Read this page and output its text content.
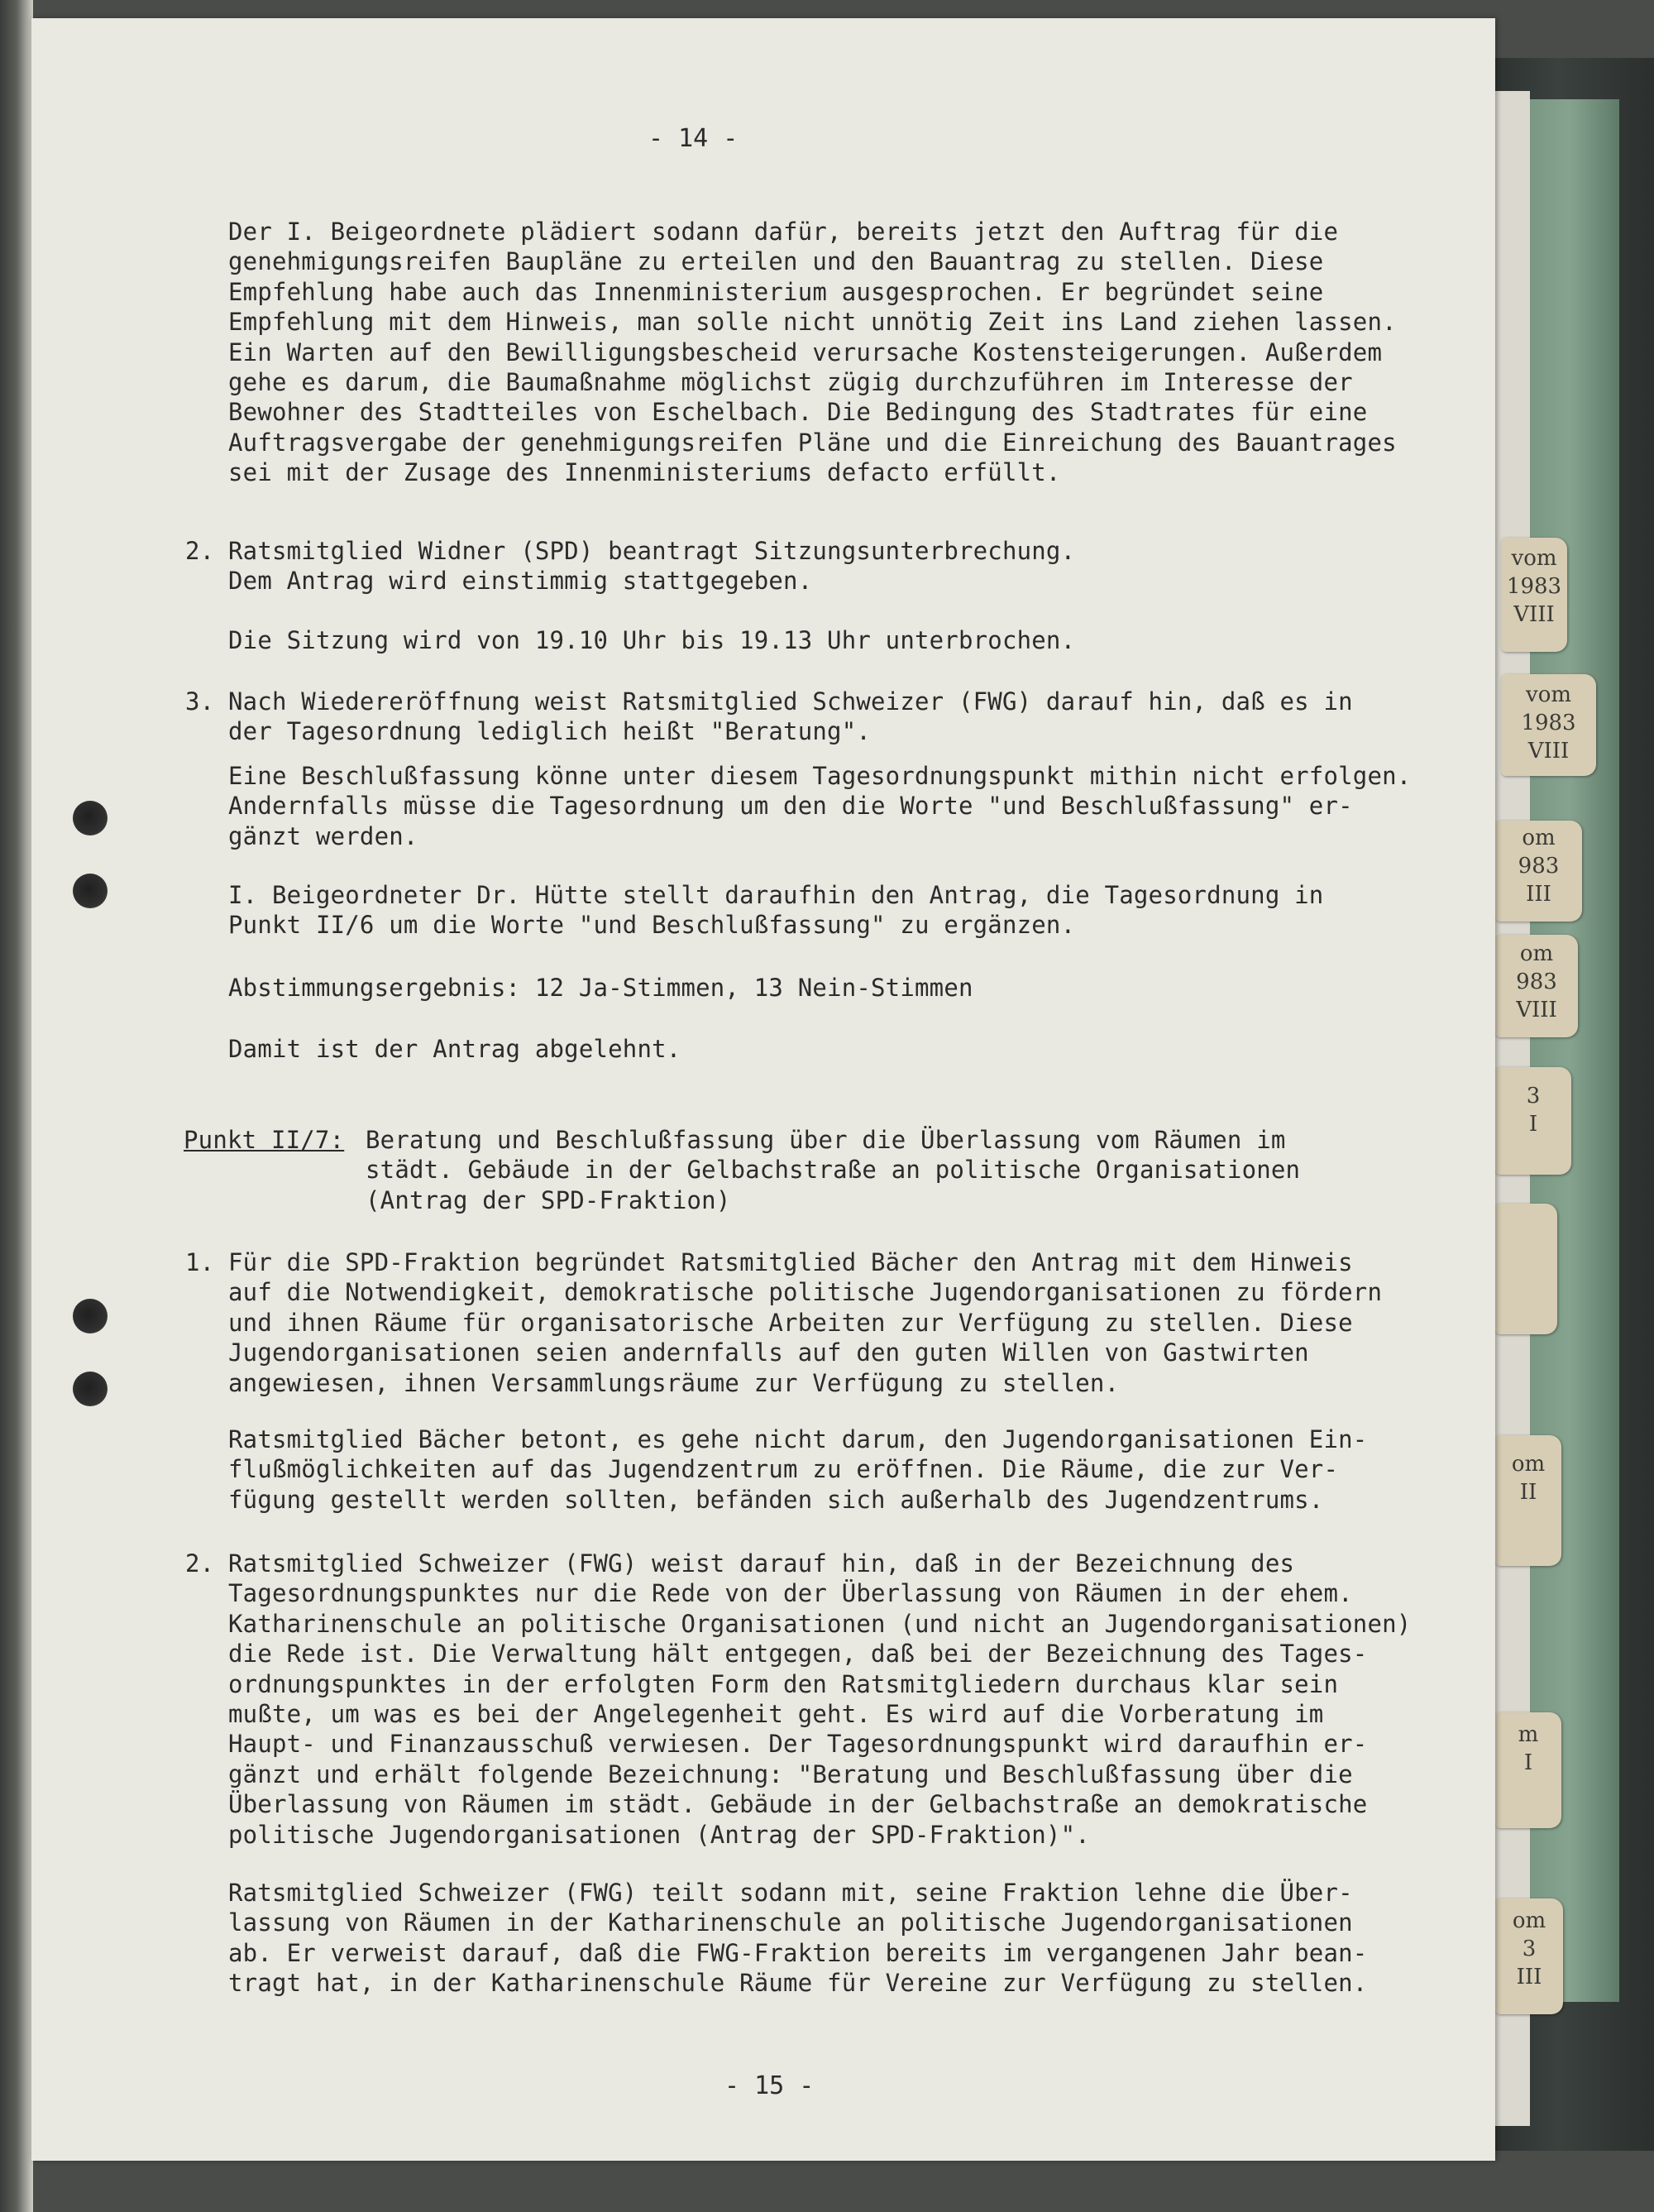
vom
1983
VIII
vom
1983
VIII
om
983
III
om
983
VIII
3
I
om
II
m
I
om
3
III
- 14 -
Der I. Beigeordnete plädiert sodann dafür, bereits jetzt den Auftrag für die
genehmigungsreifen Baupläne zu erteilen und den Bauantrag zu stellen. Diese
Empfehlung habe auch das Innenministerium ausgesprochen. Er begründet seine
Empfehlung mit dem Hinweis, man solle nicht unnötig Zeit ins Land ziehen lassen.
Ein Warten auf den Bewilligungsbescheid verursache Kostensteigerungen. Außerdem
gehe es darum, die Baumaßnahme möglichst zügig durchzuführen im Interesse der
Bewohner des Stadtteiles von Eschelbach. Die Bedingung des Stadtrates für eine
Auftragsvergabe der genehmigungsreifen Pläne und die Einreichung des Bauantrages
sei mit der Zusage des Innenministeriums defacto erfüllt.
2. Ratsmitglied Widner (SPD) beantragt Sitzungsunterbrechung.
Dem Antrag wird einstimmig stattgegeben.
Die Sitzung wird von 19.10 Uhr bis 19.13 Uhr unterbrochen.
3. Nach Wiedereröffnung weist Ratsmitglied Schweizer (FWG) darauf hin, daß es in
der Tagesordnung lediglich heißt "Beratung".
Eine Beschlußfassung könne unter diesem Tagesordnungspunkt mithin nicht erfolgen.
Andernfalls müsse die Tagesordnung um den die Worte "und Beschlußfassung" er-
gänzt werden.
I. Beigeordneter Dr. Hütte stellt daraufhin den Antrag, die Tagesordnung in
Punkt II/6 um die Worte "und Beschlußfassung" zu ergänzen.
Abstimmungsergebnis: 12 Ja-Stimmen, 13 Nein-Stimmen
Damit ist der Antrag abgelehnt.
Punkt II/7: Beratung und Beschlußfassung über die Überlassung vom Räumen im
städt. Gebäude in der Gelbachstraße an politische Organisationen
(Antrag der SPD-Fraktion)
1. Für die SPD-Fraktion begründet Ratsmitglied Bächer den Antrag mit dem Hinweis
auf die Notwendigkeit, demokratische politische Jugendorganisationen zu fördern
und ihnen Räume für organisatorische Arbeiten zur Verfügung zu stellen. Diese
Jugendorganisationen seien andernfalls auf den guten Willen von Gastwirten
angewiesen, ihnen Versammlungsräume zur Verfügung zu stellen.
Ratsmitglied Bächer betont, es gehe nicht darum, den Jugendorganisationen Ein-
flußmöglichkeiten auf das Jugendzentrum zu eröffnen. Die Räume, die zur Ver-
fügung gestellt werden sollten, befänden sich außerhalb des Jugendzentrums.
2. Ratsmitglied Schweizer (FWG) weist darauf hin, daß in der Bezeichnung des
Tagesordnungspunktes nur die Rede von der Überlassung von Räumen in der ehem.
Katharinenschule an politische Organisationen (und nicht an Jugendorganisationen)
die Rede ist. Die Verwaltung hält entgegen, daß bei der Bezeichnung des Tages-
ordnungspunktes in der erfolgten Form den Ratsmitgliedern durchaus klar sein
mußte, um was es bei der Angelegenheit geht. Es wird auf die Vorberatung im
Haupt- und Finanzausschuß verwiesen. Der Tagesordnungspunkt wird daraufhin er-
gänzt und erhält folgende Bezeichnung: "Beratung und Beschlußfassung über die
Überlassung von Räumen im städt. Gebäude in der Gelbachstraße an demokratische
politische Jugendorganisationen (Antrag der SPD-Fraktion)".
Ratsmitglied Schweizer (FWG) teilt sodann mit, seine Fraktion lehne die Über-
lassung von Räumen in der Katharinenschule an politische Jugendorganisationen
ab. Er verweist darauf, daß die FWG-Fraktion bereits im vergangenen Jahr bean-
tragt hat, in der Katharinenschule Räume für Vereine zur Verfügung zu stellen.
- 15 -
